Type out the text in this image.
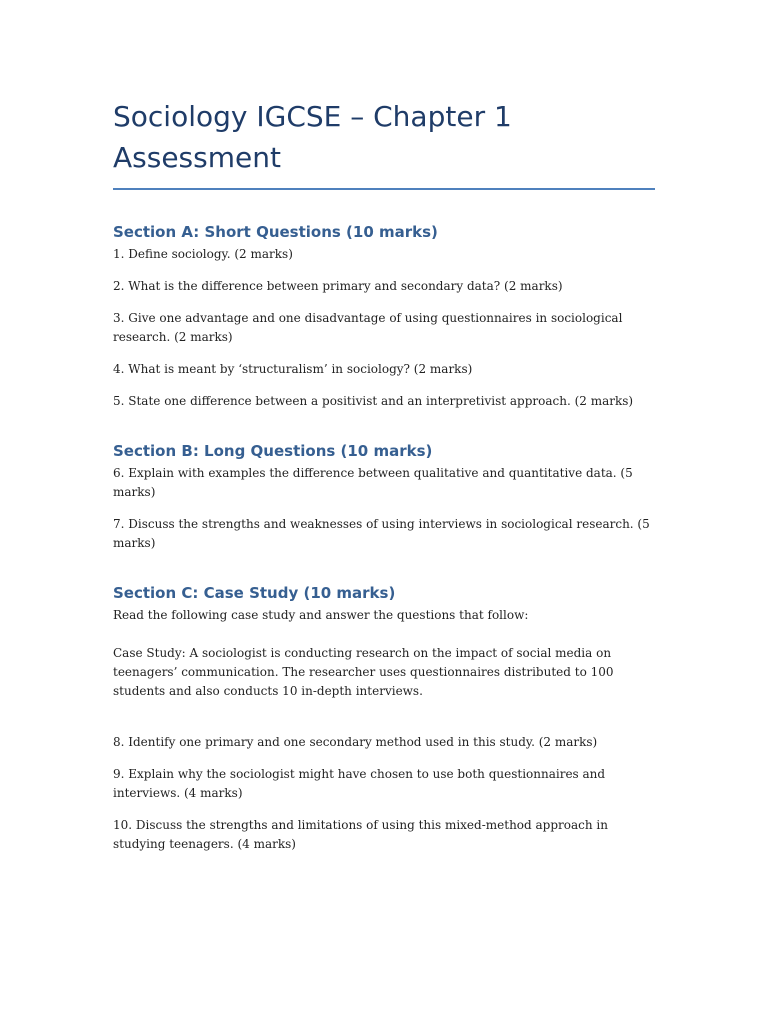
Sociology IGCSE – Chapter 1 Assessment
Section A: Short Questions (10 marks)

1. Define sociology. (2 marks)

2. What is the difference between primary and secondary data? (2 marks)

3. Give one advantage and one disadvantage of using questionnaires in sociological research. (2 marks)

4. What is meant by ‘structuralism’ in sociology? (2 marks)

5. State one difference between a positivist and an interpretivist approach. (2 marks)

Section B: Long Questions (10 marks)

6. Explain with examples the difference between qualitative and quantitative data. (5 marks)

7. Discuss the strengths and weaknesses of using interviews in sociological research. (5 marks)

Section C: Case Study (10 marks)

Read the following case study and answer the questions that follow:

Case Study: A sociologist is conducting research on the impact of social media on teenagers’ communication. The researcher uses questionnaires distributed to 100 students and also conducts 10 in-depth interviews.

8. Identify one primary and one secondary method used in this study. (2 marks)

9. Explain why the sociologist might have chosen to use both questionnaires and interviews. (4 marks)

10. Discuss the strengths and limitations of using this mixed-method approach in studying teenagers. (4 marks)
